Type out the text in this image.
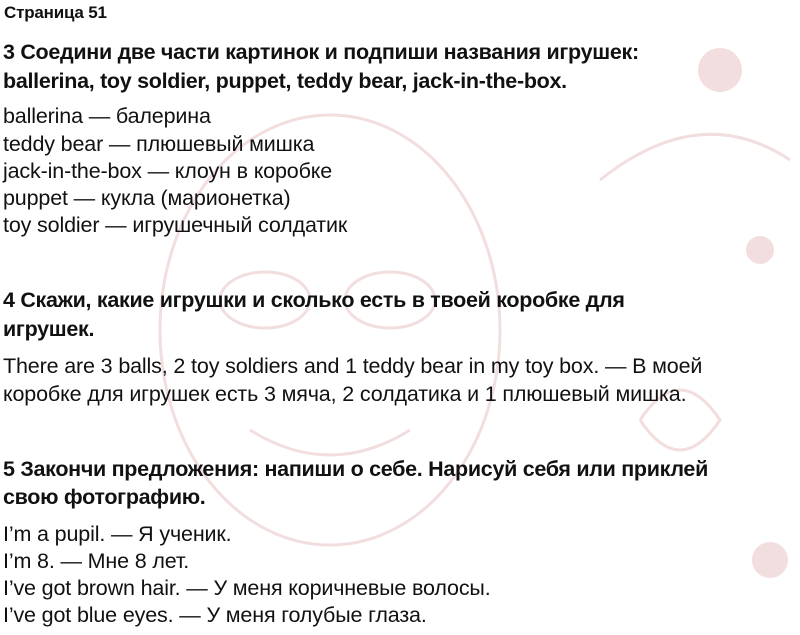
Страница 51
3 Соедини две части картинок и подпиши названия игрушек:
ballerina, toy soldier, puppet, teddy bear, jack-in-the-box.
ballerina — балерина
teddy bear — плюшевый мишка
jack-in-the-box — клоун в коробке
puppet — кукла (марионетка)
toy soldier — игрушечный солдатик
4 Скажи, какие игрушки и сколько есть в твоей коробке для
игрушек.
There are 3 balls, 2 toy soldiers and 1 teddy bear in my toy box. — В моей
коробке для игрушек есть 3 мяча, 2 солдатика и 1 плюшевый мишка.
5 Закончи предложения: напиши о себе. Нарисуй себя или приклей
свою фотографию.
I’m a pupil. — Я ученик.
I’m 8. — Мне 8 лет.
I’ve got brown hair. — У меня коричневые волосы.
I’ve got blue eyes. — У меня голубые глаза.
